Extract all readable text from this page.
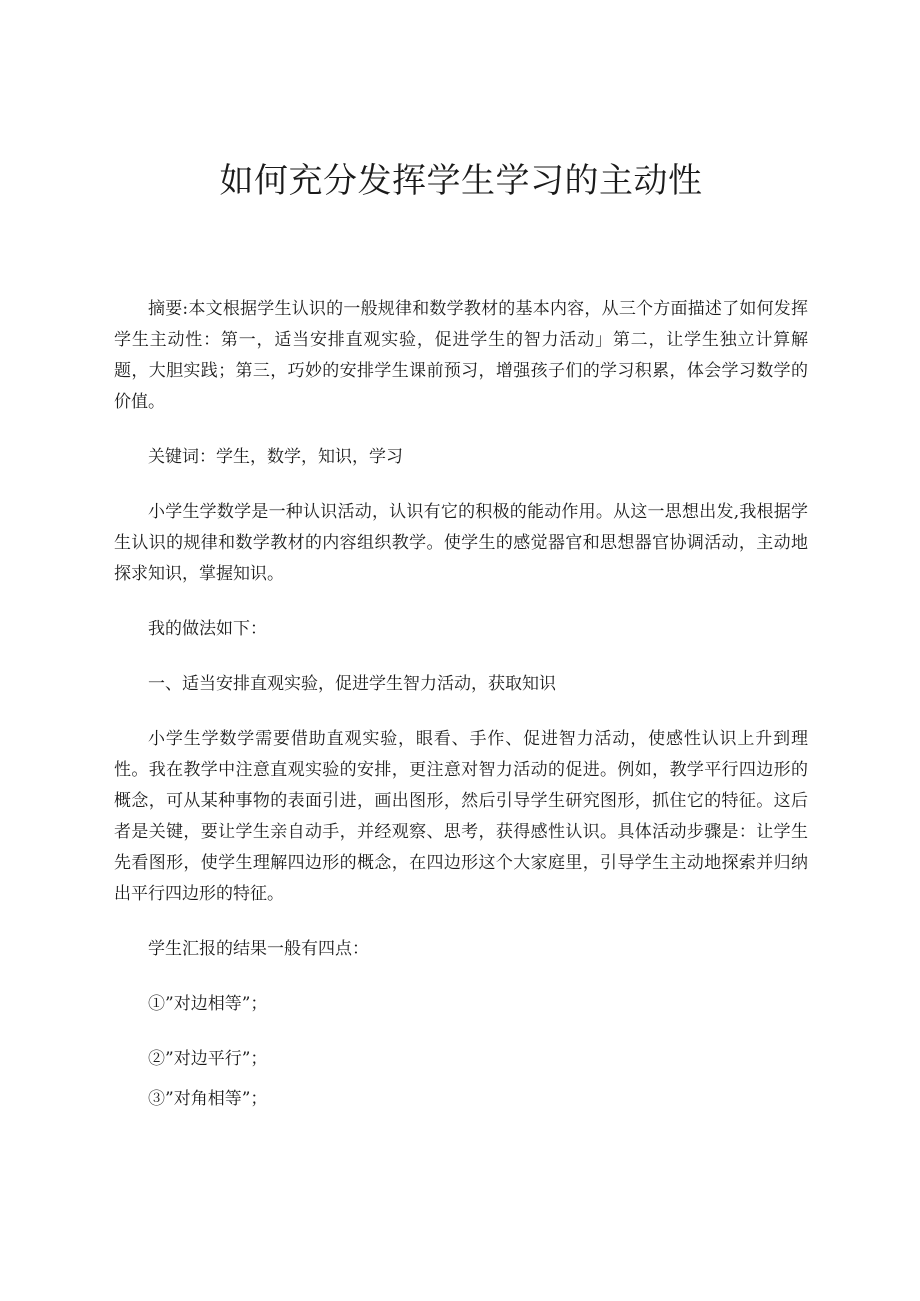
如何充分发挥学生学习的主动性

摘要:本文根据学生认识的一般规律和数学教材的基本内容，从三个方面描述了如何发挥学生主动性：第一，适当安排直观实验，促进学生的智力活动」第二，让学生独立计算解题，大胆实践；第三，巧妙的安排学生课前预习，增强孩子们的学习积累，体会学习数学的价值。

关键词：学生，数学，知识，学习

小学生学数学是一种认识活动，认识有它的积极的能动作用。从这一思想出发,我根据学生认识的规律和数学教材的内容组织教学。使学生的感觉器官和思想器官协调活动，主动地探求知识，掌握知识。

我的做法如下：

一、适当安排直观实验，促进学生智力活动，获取知识

小学生学数学需要借助直观实验，眼看、手作、促进智力活动，使感性认识上升到理性。我在教学中注意直观实验的安排，更注意对智力活动的促进。例如，教学平行四边形的概念，可从某种事物的表面引进，画出图形，然后引导学生研究图形，抓住它的特征。这后者是关键，要让学生亲自动手，并经观察、思考，获得感性认识。具体活动步骤是：让学生先看图形，使学生理解四边形的概念，在四边形这个大家庭里，引导学生主动地探索并归纳出平行四边形的特征。

学生汇报的结果一般有四点：

①”对边相等”；

②”对边平行”；

③”对角相等”；
